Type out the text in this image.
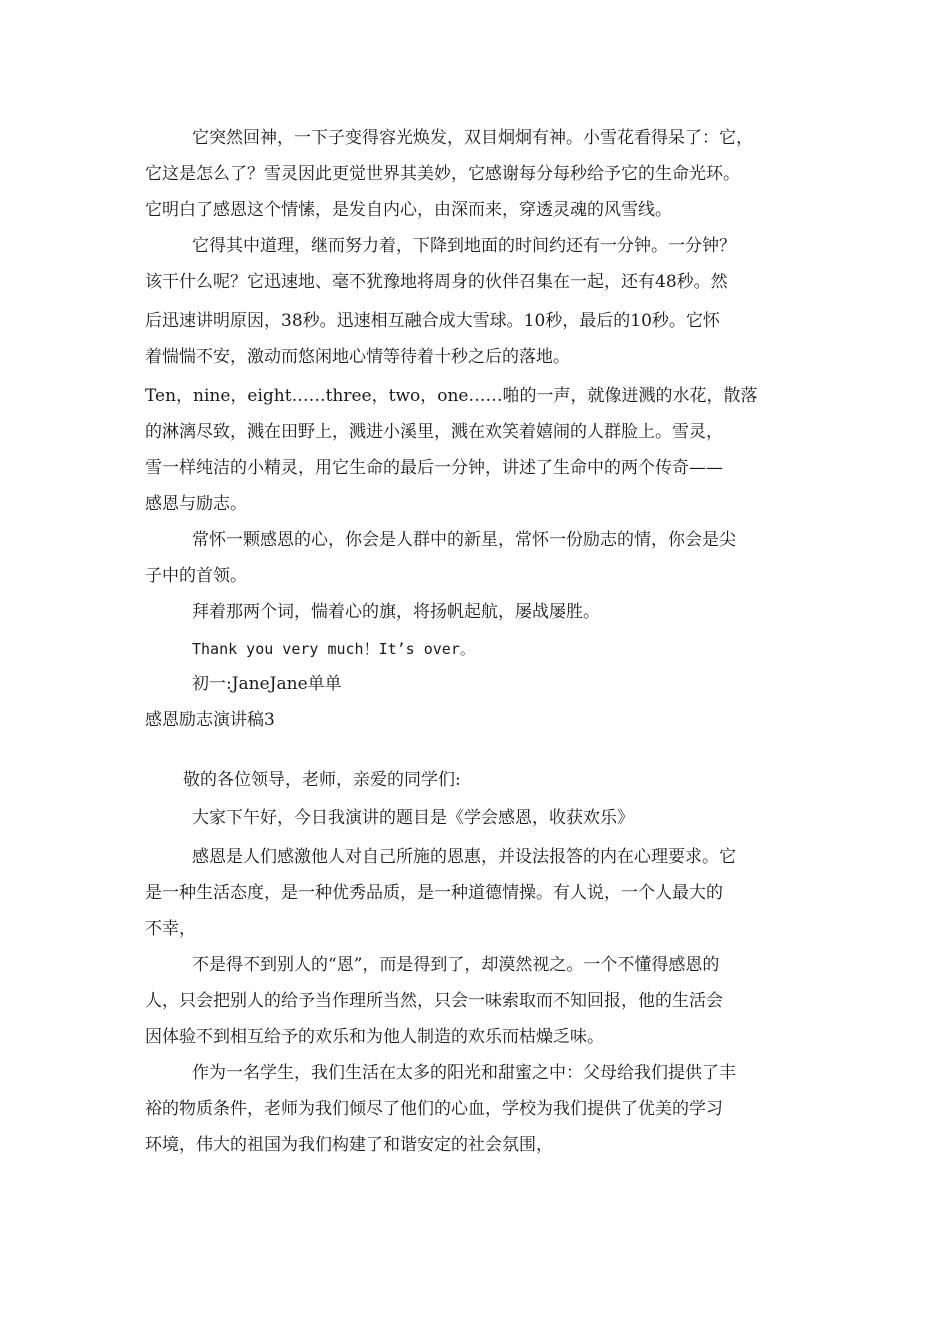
它突然回神，一下子变得容光焕发，双目炯炯有神。小雪花看得呆了：它，
它这是怎么了？雪灵因此更觉世界其美妙，它感谢每分每秒给予它的生命光环。
它明白了感恩这个情愫，是发自内心，由深而来，穿透灵魂的风雪线。
它得其中道理，继而努力着，下降到地面的时间约还有一分钟。一分钟？
该干什么呢？它迅速地、毫不犹豫地将周身的伙伴召集在一起，还有48秒。然
后迅速讲明原因，38秒。迅速相互融合成大雪球。10秒，最后的10秒。它怀
着惴惴不安，激动而悠闲地心情等待着十秒之后的落地。
Ten，nine，eight……three，two，one……啪的一声，就像迸溅的水花，散落
的淋漓尽致，溅在田野上，溅进小溪里，溅在欢笑着嬉闹的人群脸上。雪灵，
雪一样纯洁的小精灵，用它生命的最后一分钟，讲述了生命中的两个传奇——
感恩与励志。
常怀一颗感恩的心，你会是人群中的新星，常怀一份励志的情，你会是尖
子中的首领。
拜着那两个词，惴着心的旗，将扬帆起航，屡战屡胜。
Thank you very much！It’s over。
初一:JaneJane单单
感恩励志演讲稿3
敬的各位领导，老师，亲爱的同学们:
大家下午好，今日我演讲的题目是《学会感恩，收获欢乐》
感恩是人们感激他人对自己所施的恩惠，并设法报答的内在心理要求。它
是一种生活态度，是一种优秀品质，是一种道德情操。有人说，一个人最大的
不幸，
不是得不到别人的“恩”，而是得到了，却漠然视之。一个不懂得感恩的
人，只会把别人的给予当作理所当然，只会一味索取而不知回报，他的生活会
因体验不到相互给予的欢乐和为他人制造的欢乐而枯燥乏味。
作为一名学生，我们生活在太多的阳光和甜蜜之中：父母给我们提供了丰
裕的物质条件，老师为我们倾尽了他们的心血，学校为我们提供了优美的学习
环境，伟大的祖国为我们构建了和谐安定的社会氛围，
